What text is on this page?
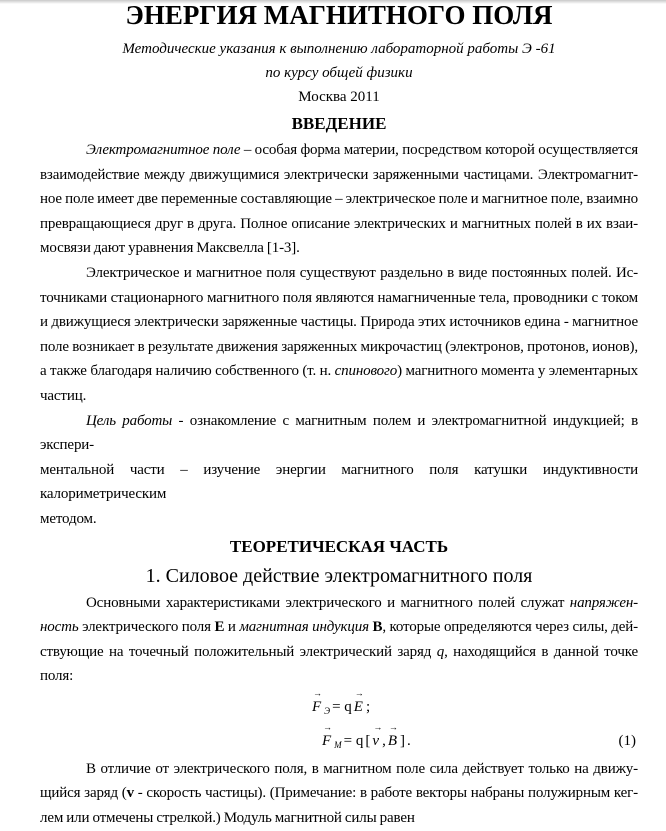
ЭНЕРГИЯ МАГНИТНОГО ПОЛЯ
Методические указания к выполнению лабораторной работы Э -61
по курсу общей физики
Москва 2011
ВВЕДЕНИЕ
Электромагнитное поле – особая форма материи, посредством которой осуществляется
взаимодействие между движущимися электрически заряженными частицами. Электромагнит-
ное поле имеет две переменные составляющие – электрическое поле и магнитное поле, взаимно
превращающиеся друг в друга. Полное описание электрических и магнитных полей в их взаи-
мосвязи дают уравнения Максвелла [1-3].
Электрическое и магнитное поля существуют раздельно в виде постоянных полей. Ис-
точниками стационарного магнитного поля являются намагниченные тела, проводники с током
и движущиеся электрически заряженные частицы. Природа этих источников едина - магнитное
поле возникает в результате движения заряженных микрочастиц (электронов, протонов, ионов),
а также благодаря наличию собственного (т. н. спинового) магнитного момента у элементарных
частиц.
Цель работы - ознакомление с магнитным полем и электромагнитной индукцией; в экспери-
ментальной части – изучение энергии магнитного поля катушки индуктивности калориметрическим
методом.
ТЕОРЕТИЧЕСКАЯ ЧАСТЬ
1. Силовое действие электромагнитного поля
Основными характеристиками электрического и магнитного полей служат напряжен-
ность электрического поля E и магнитная индукция B, которые определяются через силы, дей-
ствующие на точечный положительный электрический заряд q, находящийся в данной точке
поля:
→ F Э= q → E;
→ F M= q [ → v , → B ] .	(1)
В отличие от электрического поля, в магнитном поле сила действует только на движу-
щийся заряд (v - скорость частицы). (Примечание: в работе векторы набраны полужирным кег-
лем или отмечены стрелкой.) Модуль магнитной силы равен
